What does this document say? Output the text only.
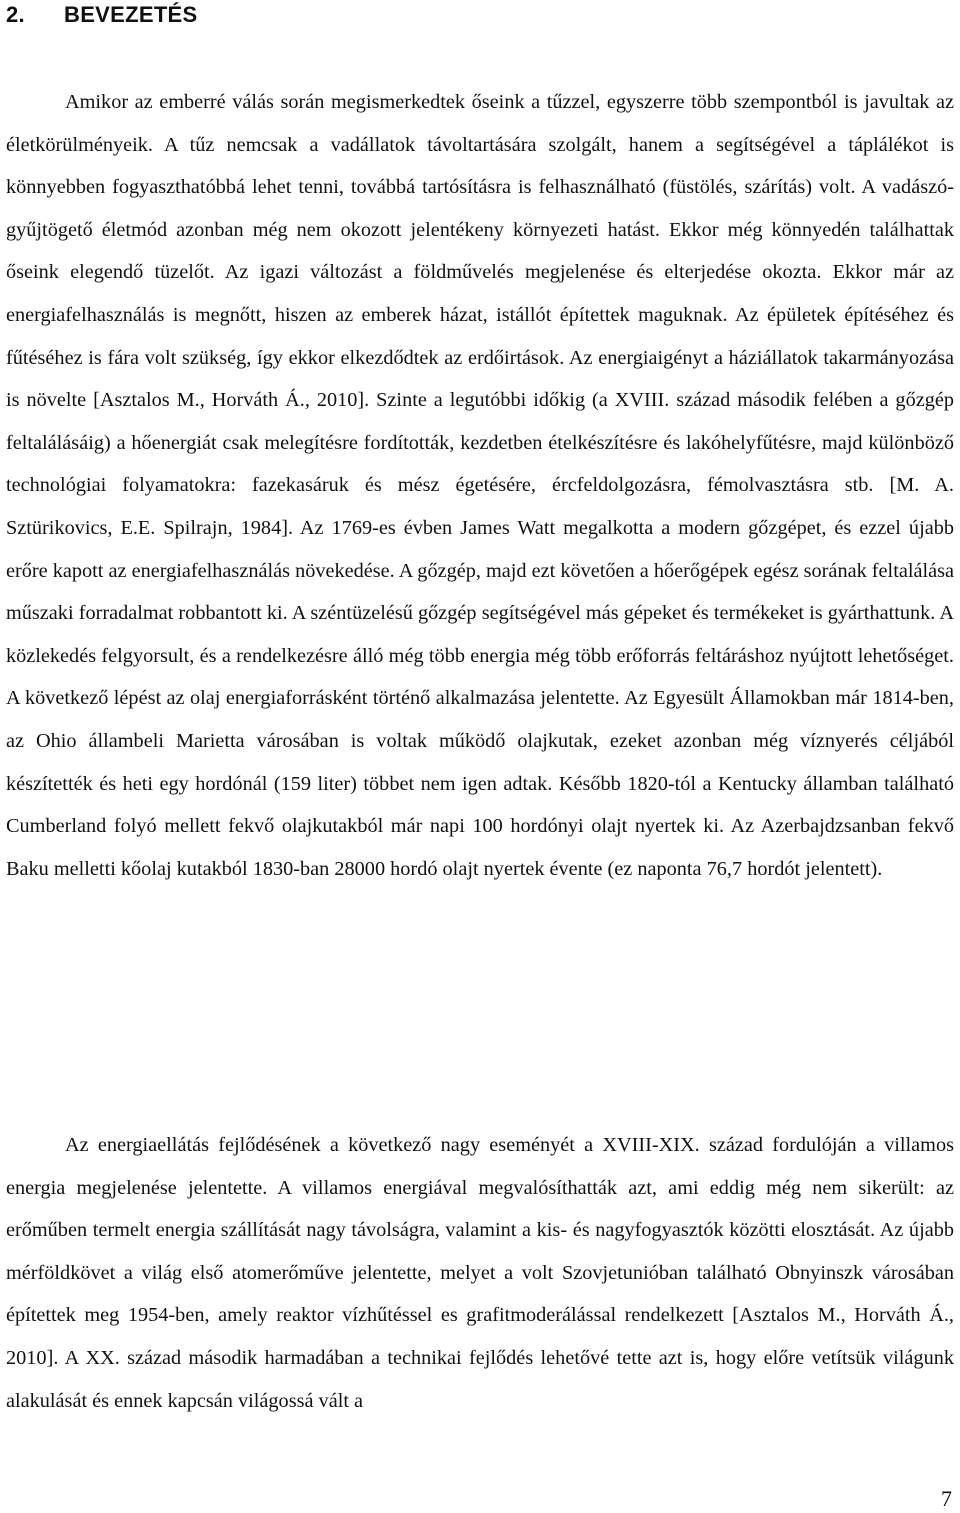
2. BEVEZETÉS

Amikor az emberré válás során megismerkedtek őseink a tűzzel, egyszerre több szempontból is javultak az életkörülményeik. A tűz nemcsak a vadállatok távoltartására szolgált, hanem a segítségével a táplálékot is könnyebben fogyaszthatóbbá lehet tenni, továbbá tartósításra is felhasználható (füstölés, szárítás) volt. A vadászó-gyűjtögető életmód azonban még nem okozott jelentékeny környezeti hatást. Ekkor még könnyedén találhattak őseink elegendő tüzelőt. Az igazi változást a földművelés megjelenése és elterjedése okozta. Ekkor már az energiafelhasználás is megnőtt, hiszen az emberek házat, istállót építettek maguknak. Az épületek építéséhez és fűtéséhez is fára volt szükség, így ekkor elkezdődtek az erdőirtások. Az energiaigényt a háziállatok takarmányozása is növelte [Asztalos M., Horváth Á., 2010]. Szinte a legutóbbi időkig (a XVIII. század második felében a gőzgép feltalálásáig) a hőenergiát csak melegítésre fordították, kezdetben ételkészítésre és lakóhelyfűtésre, majd különböző technológiai folyamatokra: fazekasáruk és mész égetésére, ércfeldolgozásra, fémolvasztásra stb. [M. A. Sztürikovics, E.E. Spilrajn, 1984]. Az 1769-es évben James Watt megalkotta a modern gőzgépet, és ezzel újabb erőre kapott az energiafelhasználás növekedése. A gőzgép, majd ezt követően a hőerőgépek egész sorának feltalálása műszaki forradalmat robbantott ki. A széntüzelésű gőzgép segítségével más gépeket és termékeket is gyárthattunk. A közlekedés felgyorsult, és a rendelkezésre álló még több energia még több erőforrás feltáráshoz nyújtott lehetőséget. A következő lépést az olaj energiaforrásként történő alkalmazása jelentette. Az Egyesült Államokban már 1814-ben, az Ohio állambeli Marietta városában is voltak működő olajkutak, ezeket azonban még víznyerés céljából készítették és heti egy hordónál (159 liter) többet nem igen adtak. Később 1820-tól a Kentucky államban található Cumberland folyó mellett fekvő olajkutakból már napi 100 hordónyi olajt nyertek ki. Az Azerbajdzsanban fekvő Baku melletti kőolaj kutakból 1830-ban 28000 hordó olajt nyertek évente (ez naponta 76,7 hordót jelentett).

Az energiaellátás fejlődésének a következő nagy eseményét a XVIII-XIX. század fordulóján a villamos energia megjelenése jelentette. A villamos energiával megvalósíthatták azt, ami eddig még nem sikerült: az erőműben termelt energia szállítását nagy távolságra, valamint a kis- és nagyfogyasztók közötti elosztását. Az újabb mérföldkövet a világ első atomerőműve jelentette, melyet a volt Szovjetunióban található Obnyinszk városában építettek meg 1954-ben, amely reaktor vízhűtéssel es grafitmoderálással rendelkezett [Asztalos M., Horváth Á., 2010]. A XX. század második harmadában a technikai fejlődés lehetővé tette azt is, hogy előre vetítsük világunk alakulását és ennek kapcsán világossá vált a

7
